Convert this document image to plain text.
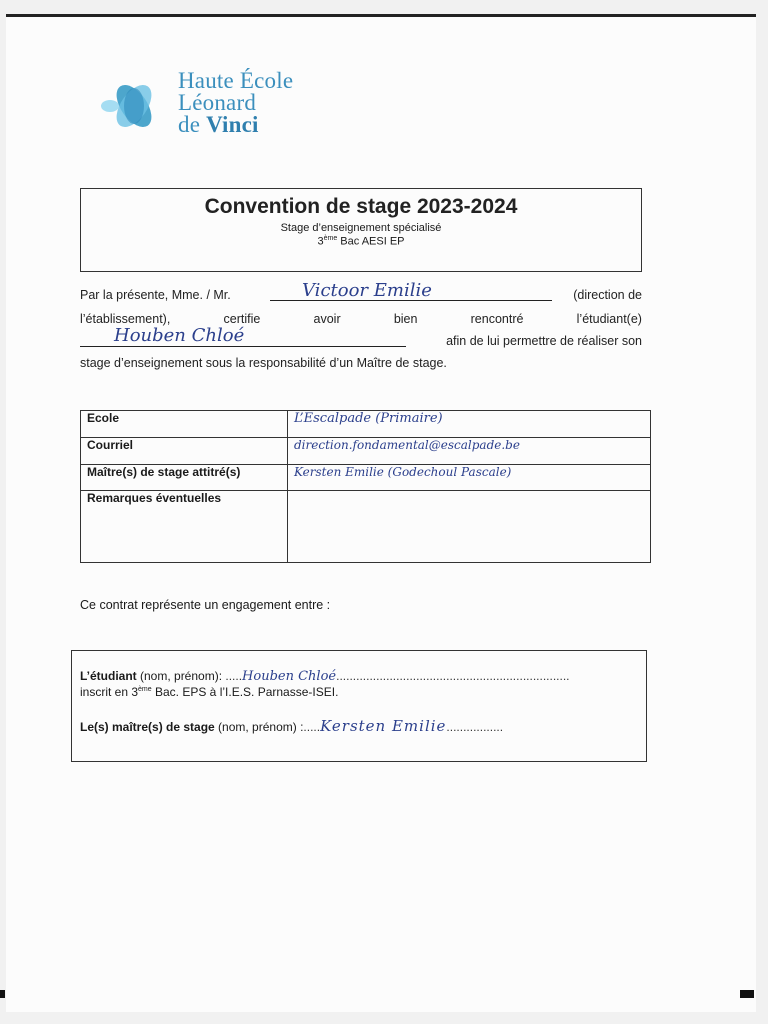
Haute École
Léonard
de Vinci
Convention de stage 2023-2024
Stage d’enseignement spécialisé
3ème Bac AESI EP
Par la présente, Mme. / Mr.	Victoor Emilie	(direction de
l’établissement),	certifie	avoir	bien	rencontré	l’étudiant(e)
Houben Chloé	afin de lui permettre de réaliser son
stage d’enseignement sous la responsabilité d’un Maître de stage.
Ecole	L’Escalpade (Primaire)
Courriel	direction.fondamental@escalpade.be
Maître(s) de stage attitré(s)	Kersten Emilie (Godechoul Pascale)
Remarques éventuelles	
Ce contrat représente un engagement entre :
L’étudiant (nom, prénom): .....Houben Chloé......................................................................
inscrit en 3ème Bac. EPS à l’I.E.S. Parnasse-ISEI.
Le(s) maître(s) de stage (nom, prénom) :.....Kersten Emilie.................
